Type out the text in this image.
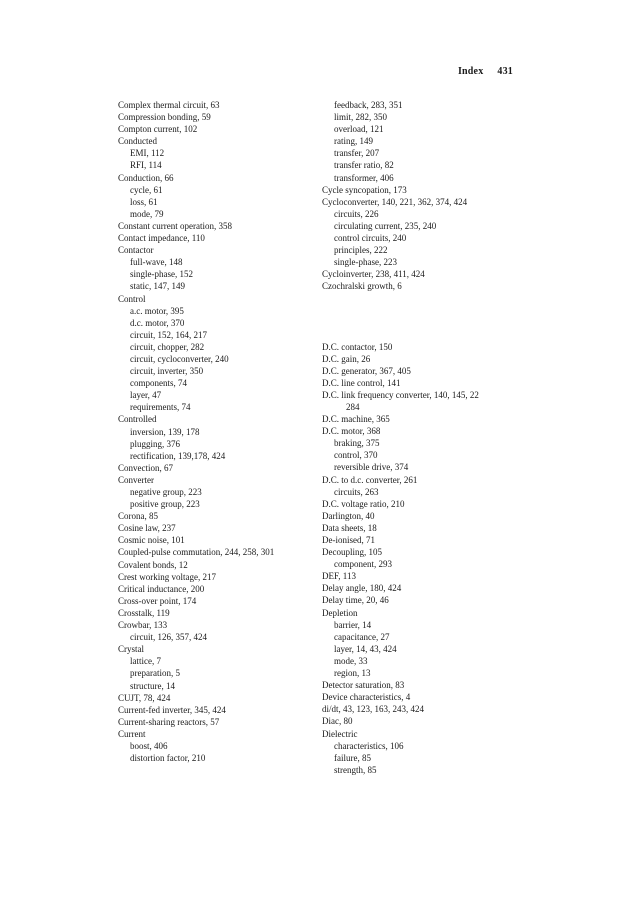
Index 431
Complex thermal circuit, 63
Compression bonding, 59
Compton current, 102
Conducted
EMI, 112
RFI, 114
Conduction, 66
cycle, 61
loss, 61
mode, 79
Constant current operation, 358
Contact impedance, 110
Contactor
full-wave, 148
single-phase, 152
static, 147, 149
Control
a.c. motor, 395
d.c. motor, 370
circuit, 152, 164, 217
circuit, chopper, 282
circuit, cycloconverter, 240
circuit, inverter, 350
components, 74
layer, 47
requirements, 74
Controlled
inversion, 139, 178
plugging, 376
rectification, 139,178, 424
Convection, 67
Converter
negative group, 223
positive group, 223
Corona, 85
Cosine law, 237
Cosmic noise, 101
Coupled-pulse commutation, 244, 258, 301
Covalent bonds, 12
Crest working voltage, 217
Critical inductance, 200
Cross-over point, 174
Crosstalk, 119
Crowbar, 133
circuit, 126, 357, 424
Crystal
lattice, 7
preparation, 5
structure, 14
CUJT, 78, 424
Current-fed inverter, 345, 424
Current-sharing reactors, 57
Current
boost, 406
distortion factor, 210
feedback, 283, 351
limit, 282, 350
overload, 121
rating, 149
transfer, 207
transfer ratio, 82
transformer, 406
Cycle syncopation, 173
Cycloconverter, 140, 221, 362, 374, 424
circuits, 226
circulating current, 235, 240
control circuits, 240
principles, 222
single-phase, 223
Cycloinverter, 238, 411, 424
Czochralski growth, 6
D.C. contactor, 150
D.C. gain, 26
D.C. generator, 367, 405
D.C. line control, 141
D.C. link frequency converter, 140, 145, 22
284
D.C. machine, 365
D.C. motor, 368
braking, 375
control, 370
reversible drive, 374
D.C. to d.c. converter, 261
circuits, 263
D.C. voltage ratio, 210
Darlington, 40
Data sheets, 18
De-ionised, 71
Decoupling, 105
component, 293
DEF, 113
Delay angle, 180, 424
Delay time, 20, 46
Depletion
barrier, 14
capacitance, 27
layer, 14, 43, 424
mode, 33
region, 13
Detector saturation, 83
Device characteristics, 4
di/dt, 43, 123, 163, 243, 424
Diac, 80
Dielectric
characteristics, 106
failure, 85
strength, 85
